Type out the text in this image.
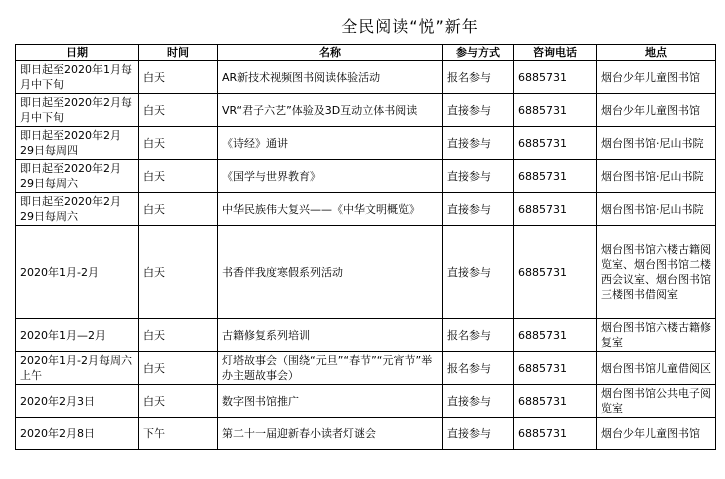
全民阅读“悦”新年
日期	时间	名称	参与方式	咨询电话	地点
即日起至2020年1月每月中下旬	白天	AR新技术视频图书阅读体验活动	报名参与	6885731	烟台少年儿童图书馆
即日起至2020年2月每月中下旬	白天	VR“君子六艺”体验及3D互动立体书阅读	直接参与	6885731	烟台少年儿童图书馆
即日起至2020年2月29日每周四	白天	《诗经》通讲	直接参与	6885731	烟台图书馆·尼山书院
即日起至2020年2月29日每周六	白天	《国学与世界教育》	直接参与	6885731	烟台图书馆·尼山书院
即日起至2020年2月29日每周六	白天	中华民族伟大复兴——《中华文明概览》	直接参与	6885731	烟台图书馆·尼山书院
2020年1月-2月	白天	书香伴我度寒假系列活动	直接参与	6885731	烟台图书馆六楼古籍阅览室、烟台图书馆二楼西会议室、烟台图书馆三楼图书借阅室
2020年1月—2月	白天	古籍修复系列培训	报名参与	6885731	烟台图书馆六楼古籍修复室
2020年1月-2月每周六上午	白天	灯塔故事会（围绕“元旦”“春节”“元宵节”举办主题故事会）	报名参与	6885731	烟台图书馆儿童借阅区
2020年2月3日	白天	数字图书馆推广	直接参与	6885731	烟台图书馆公共电子阅览室
2020年2月8日	下午	第二十一届迎新春小读者灯谜会	直接参与	6885731	烟台少年儿童图书馆
